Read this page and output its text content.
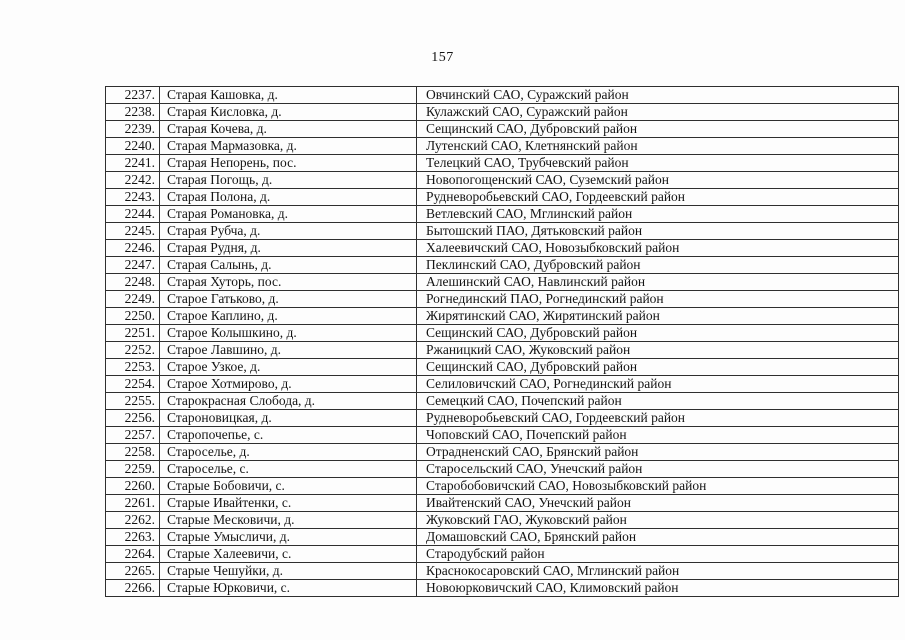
157
2237.	Старая Кашовка, д.	Овчинский САО, Суражский район
2238.	Старая Кисловка, д.	Кулажский САО, Суражский район
2239.	Старая Кочева, д.	Сещинский САО, Дубровский район
2240.	Старая Мармазовка, д.	Лутенский САО, Клетнянский район
2241.	Старая Непорень, пос.	Телецкий САО, Трубчевский район
2242.	Старая Погощь, д.	Новопогощенский САО, Суземский район
2243.	Старая Полона, д.	Рудневоробьевский САО, Гордеевский район
2244.	Старая Романовка, д.	Ветлевский САО, Мглинский район
2245.	Старая Рубча, д.	Бытошский ПАО, Дятьковский район
2246.	Старая Рудня, д.	Халеевичский САО, Новозыбковский район
2247.	Старая Салынь, д.	Пеклинский САО, Дубровский район
2248.	Старая Хуторь, пос.	Алешинский САО, Навлинский район
2249.	Старое Гатьково, д.	Рогнединский ПАО, Рогнединский район
2250.	Старое Каплино, д.	Жирятинский САО, Жирятинский район
2251.	Старое Колышкино, д.	Сещинский САО, Дубровский район
2252.	Старое Лавшино, д.	Ржаницкий САО, Жуковский район
2253.	Старое Узкое, д.	Сещинский САО, Дубровский район
2254.	Старое Хотмирово, д.	Селиловичский САО, Рогнединский район
2255.	Старокрасная Слобода, д.	Семецкий САО, Почепский район
2256.	Староновицкая, д.	Рудневоробьевский САО, Гордеевский район
2257.	Старопочепье, с.	Чоповский САО, Почепский район
2258.	Староселье, д.	Отрадненский САО, Брянский район
2259.	Староселье, с.	Старосельский САО, Унечский район
2260.	Старые Бобовичи, с.	Старобобовичский САО, Новозыбковский район
2261.	Старые Ивайтенки, с.	Ивайтенский САО, Унечский район
2262.	Старые Месковичи, д.	Жуковский ГАО, Жуковский район
2263.	Старые Умысличи, д.	Домашовский САО, Брянский район
2264.	Старые Халеевичи, с.	Стародубский район
2265.	Старые Чешуйки, д.	Краснокосаровский САО, Мглинский район
2266.	Старые Юрковичи, с.	Новоюрковичский САО, Климовский район
